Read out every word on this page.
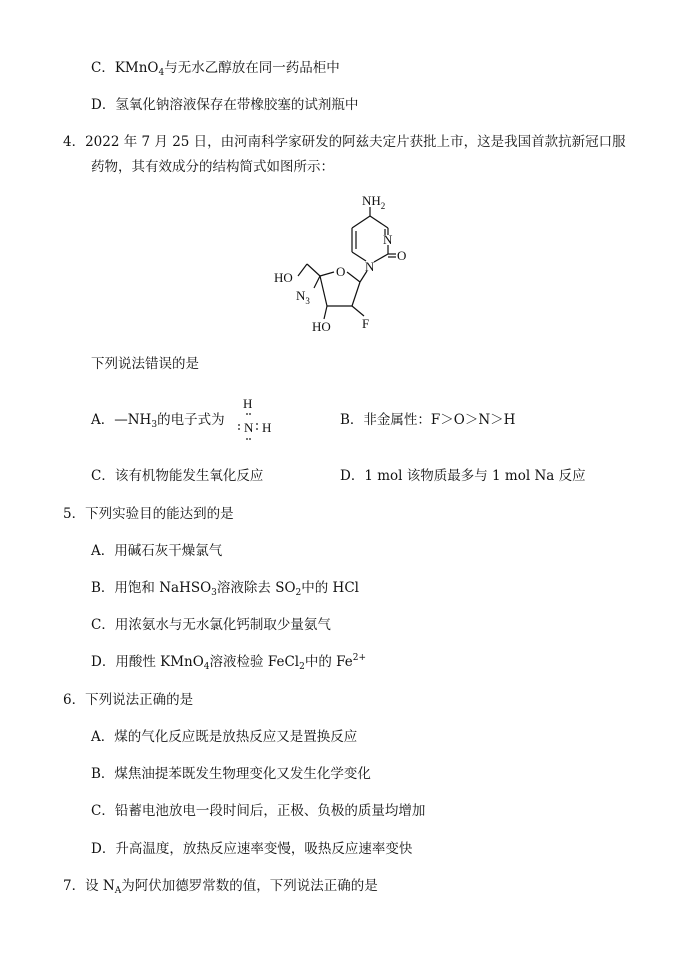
C．KMnO$_4$与无水乙醇放在同一药品柜中
D．氢氧化钠溶液保存在带橡胶塞的试剂瓶中
4．2022 年 7 月 25 日，由河南科学家研发的阿兹夫定片获批上市，这是我国首款抗新冠口服
药物，其有效成分的结构简式如图所示：
$NH_2$
N
O
N
O
HO
$N_3$
HO F
下列说法错误的是
A．$—NH_3$的电子式为
H
N H	B．非金属性：F＞O＞N＞H
C．该有机物能发生氧化反应	D．1 mol 该物质最多与 1 mol Na 反应
5．下列实验目的能达到的是
A．用碱石灰干燥氯气
B．用饱和 NaHSO$_3$溶液除去 $SO_2$中的 HCl
C．用浓氨水与无水氯化钙制取少量氨气
D．用酸性 KMnO$_4$溶液检验 FeCl$_2$中的 $Fe^{2+}$
6．下列说法正确的是
A．煤的气化反应既是放热反应又是置换反应
B．煤焦油提苯既发生物理变化又发生化学变化
C．铅蓄电池放电一段时间后，正极、负极的质量均增加
D．升高温度，放热反应速率变慢，吸热反应速率变快
7．设 $N_A$为阿伏加德罗常数的值，下列说法正确的是
